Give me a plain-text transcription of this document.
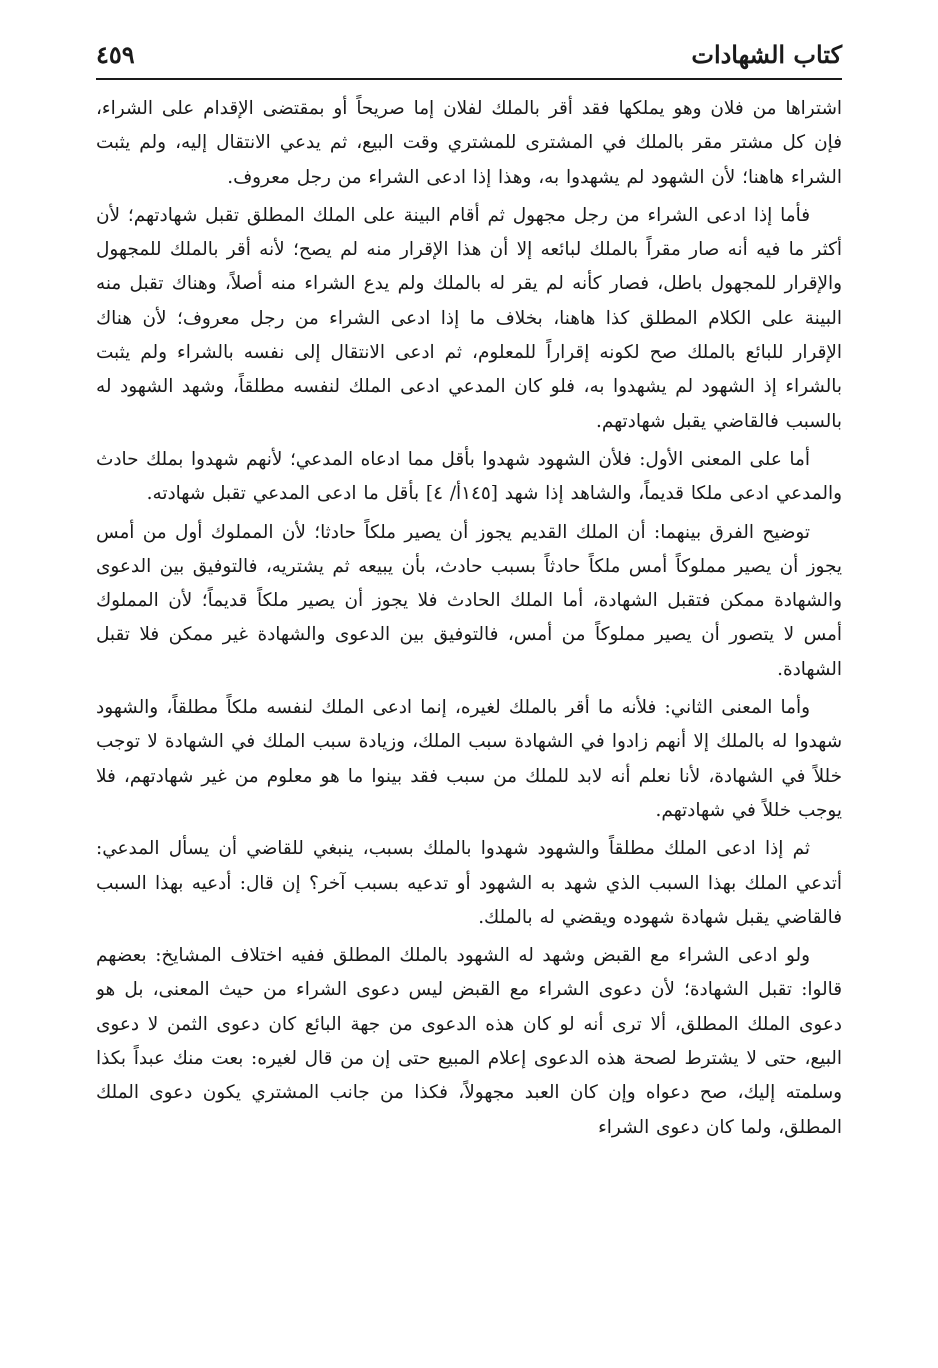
كتاب الشهادات
٤٥٩

اشتراها من فلان وهو يملكها فقد أقر بالملك لفلان إما صريحاً أو بمقتضى الإقدام على الشراء، فإن كل مشتر مقر بالملك في المشترى للمشتري وقت البيع، ثم يدعي الانتقال إليه، ولم يثبت الشراء هاهنا؛ لأن الشهود لم يشهدوا به، وهذا إذا ادعى الشراء من رجل معروف.

فأما إذا ادعى الشراء من رجل مجهول ثم أقام البينة على الملك المطلق تقبل شهادتهم؛ لأن أكثر ما فيه أنه صار مقراً بالملك لبائعه إلا أن هذا الإقرار منه لم يصح؛ لأنه أقر بالملك للمجهول والإقرار للمجهول باطل، فصار كأنه لم يقر له بالملك ولم يدع الشراء منه أصلاً، وهناك تقبل منه البينة على الكلام المطلق كذا هاهنا، بخلاف ما إذا ادعى الشراء من رجل معروف؛ لأن هناك الإقرار للبائع بالملك صح لكونه إقراراً للمعلوم، ثم ادعى الانتقال إلى نفسه بالشراء ولم يثبت بالشراء إذ الشهود لم يشهدوا به، فلو كان المدعي ادعى الملك لنفسه مطلقاً، وشهد الشهود له بالسبب فالقاضي يقبل شهادتهم.

أما على المعنى الأول: فلأن الشهود شهدوا بأقل مما ادعاه المدعي؛ لأنهم شهدوا بملك حادث والمدعي ادعى ملكا قديماً، والشاهد إذا شهد [١٤٥أ/ ٤] بأقل ما ادعى المدعي تقبل شهادته.

توضيح الفرق بينهما: أن الملك القديم يجوز أن يصير ملكاً حادثا؛ لأن المملوك أول من أمس يجوز أن يصير مملوكاً أمس ملكاً حادثاً بسبب حادث، بأن يبيعه ثم يشتريه، فالتوفيق بين الدعوى والشهادة ممكن فتقبل الشهادة، أما الملك الحادث فلا يجوز أن يصير ملكاً قديماً؛ لأن المملوك أمس لا يتصور أن يصير مملوكاً من أمس، فالتوفيق بين الدعوى والشهادة غير ممكن فلا تقبل الشهادة.

وأما المعنى الثاني: فلأنه ما أقر بالملك لغيره، إنما ادعى الملك لنفسه ملكاً مطلقاً، والشهود شهدوا له بالملك إلا أنهم زادوا في الشهادة سبب الملك، وزيادة سبب الملك في الشهادة لا توجب خللاً في الشهادة، لأنا نعلم أنه لابد للملك من سبب فقد بينوا ما هو معلوم من غير شهادتهم، فلا يوجب خللاً في شهادتهم.

ثم إذا ادعى الملك مطلقاً والشهود شهدوا بالملك بسبب، ينبغي للقاضي أن يسأل المدعي: أتدعي الملك بهذا السبب الذي شهد به الشهود أو تدعيه بسبب آخر؟ إن قال: أدعيه بهذا السبب فالقاضي يقبل شهادة شهوده ويقضي له بالملك.

ولو ادعى الشراء مع القبض وشهد له الشهود بالملك المطلق ففيه اختلاف المشايخ: بعضهم قالوا: تقبل الشهادة؛ لأن دعوى الشراء مع القبض ليس دعوى الشراء من حيث المعنى، بل هو دعوى الملك المطلق، ألا ترى أنه لو كان هذه الدعوى من جهة البائع كان دعوى الثمن لا دعوى البيع، حتى لا يشترط لصحة هذه الدعوى إعلام المبيع حتى إن من قال لغيره: بعت منك عبداً بكذا وسلمته إليك، صح دعواه وإن كان العبد مجهولاً، فكذا من جانب المشتري يكون دعوى الملك المطلق، ولما كان دعوى الشراء
